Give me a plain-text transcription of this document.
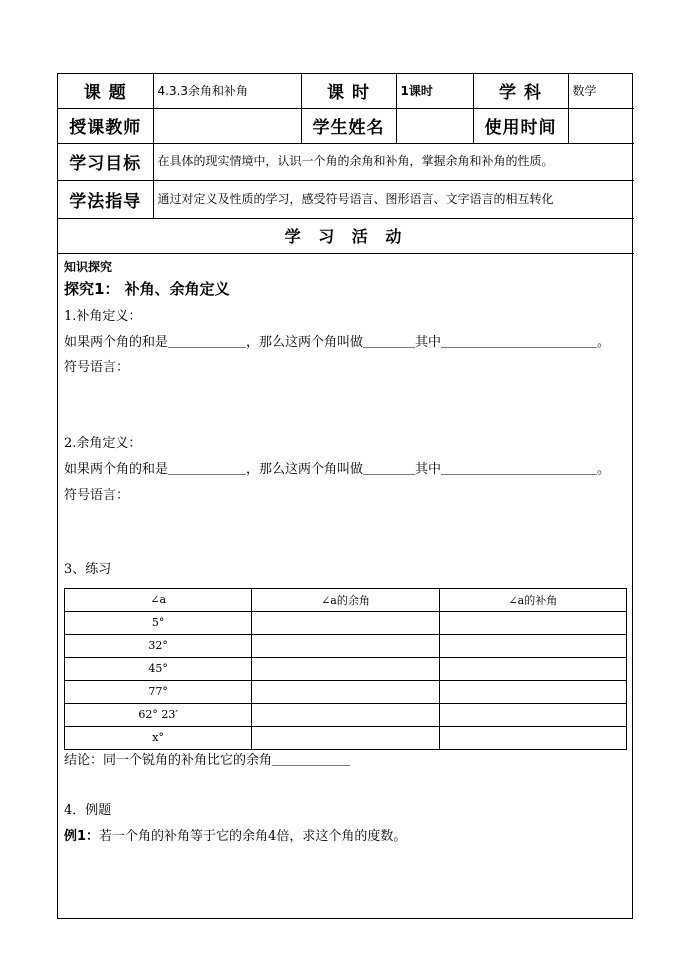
课 题	4.3.3余角和补角	课 时	1课时	学 科	数学
授课教师		学生姓名		使用时间	
学习目标	在具体的现实情境中，认识一个角的余角和补角，掌握余角和补角的性质。				
学法指导	通过对定义及性质的学习，感受符号语言、图形语言、文字语言的相互转化				
学 习 活 动					
知识探究
探究1： 补角、余角定义
1.补角定义：
如果两个角的和是＿＿＿＿＿＿，那么这两个角叫做＿＿＿＿其中＿＿＿＿＿＿＿＿＿＿＿＿。
符号语言：
2.余角定义：
如果两个角的和是＿＿＿＿＿＿，那么这两个角叫做＿＿＿＿其中＿＿＿＿＿＿＿＿＿＿＿＿。
符号语言：
3、练习
∠a	∠a的余角	∠a的补角
5°		
32°		
45°		
77°		
62° 23′		
x°		
结论：同一个锐角的补角比它的余角＿＿＿＿＿＿
4．例题
例1：若一个角的补角等于它的余角4倍，求这个角的度数。
